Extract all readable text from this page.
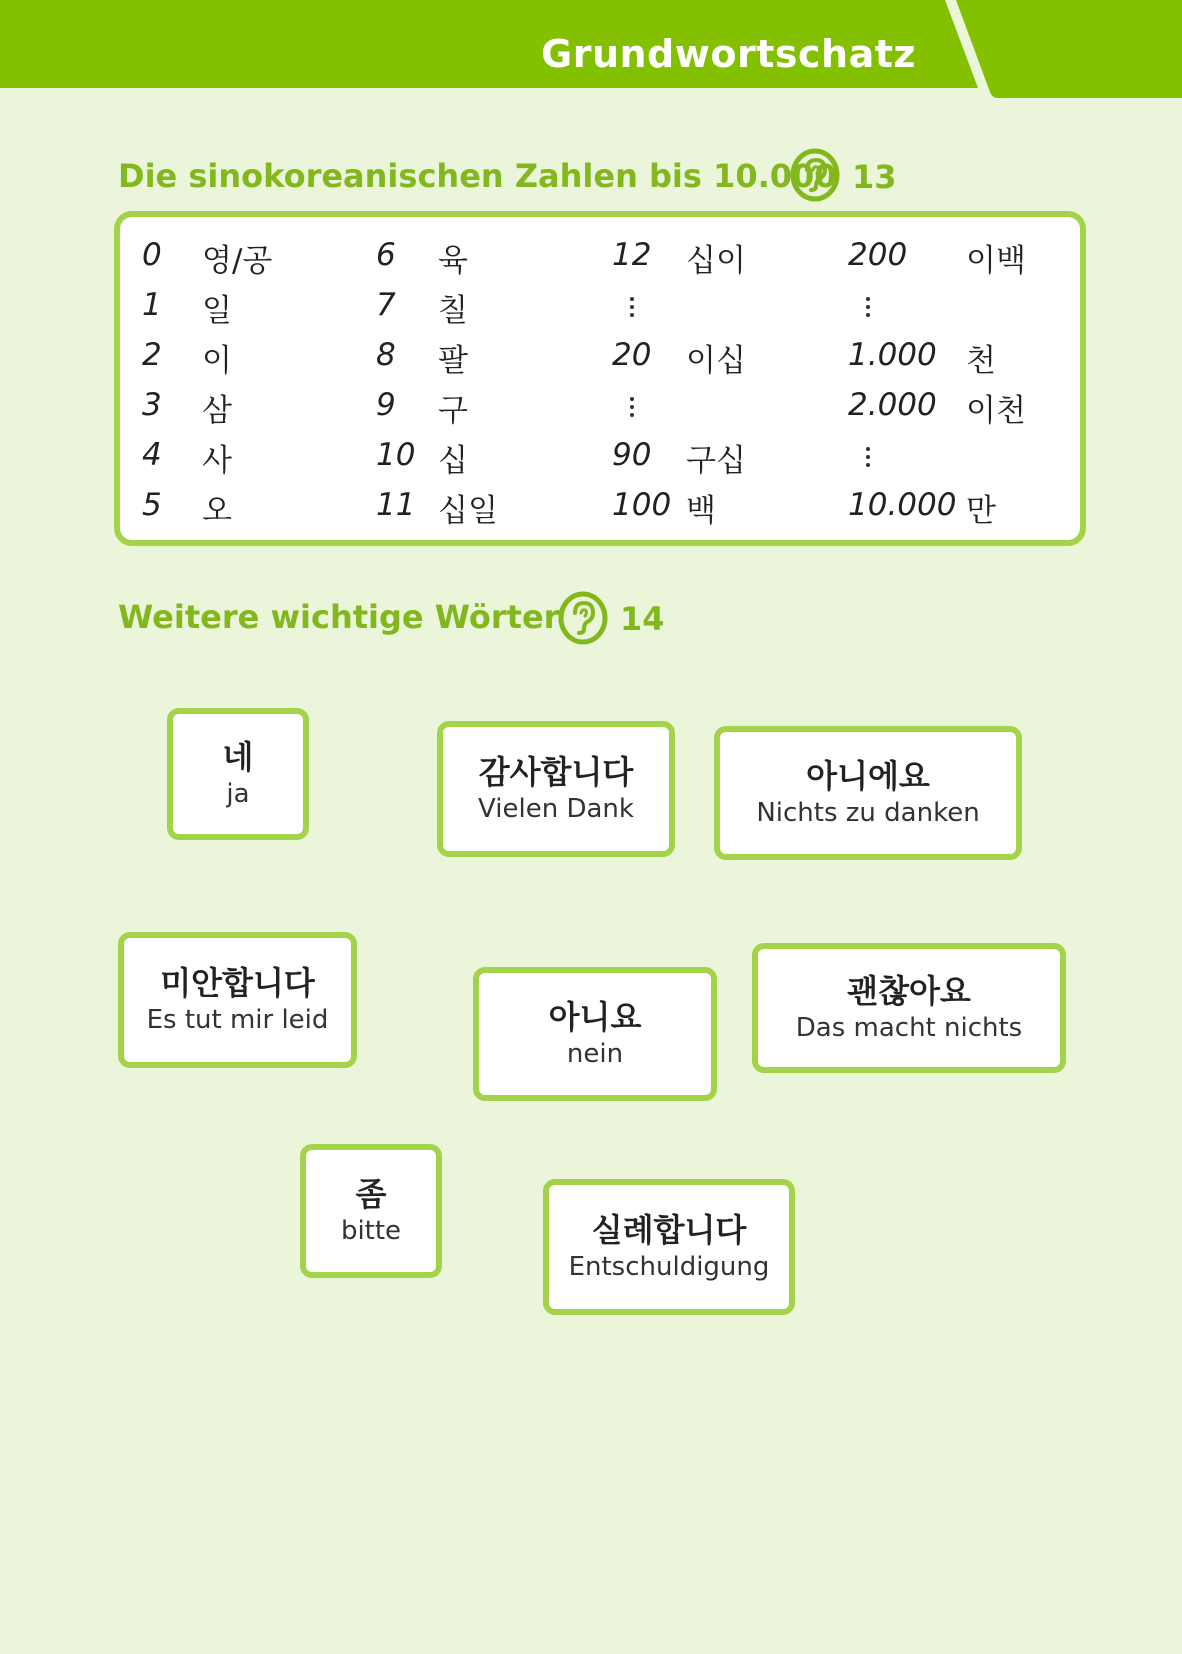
Grundwortschatz
Die sinokoreanischen Zahlen bis 10.000 13
0 영/공
1 일
2 이
3 삼
4 사
5 오
6 육
7 칠
8 팔
9 구
10 십
11 십일
12 십이
20 이십
90 구십
100 백
200 이백
1.000 천
2.000 이천
10.000 만
Weitere wichtige Wörter 14
네
ja
감사합니다
Vielen Dank
아니에요
Nichts zu danken
미안합니다
Es tut mir leid	아니요
nein
괜찮아요
Das macht nichts
좀
bitte	실례합니다
Entschuldigung
